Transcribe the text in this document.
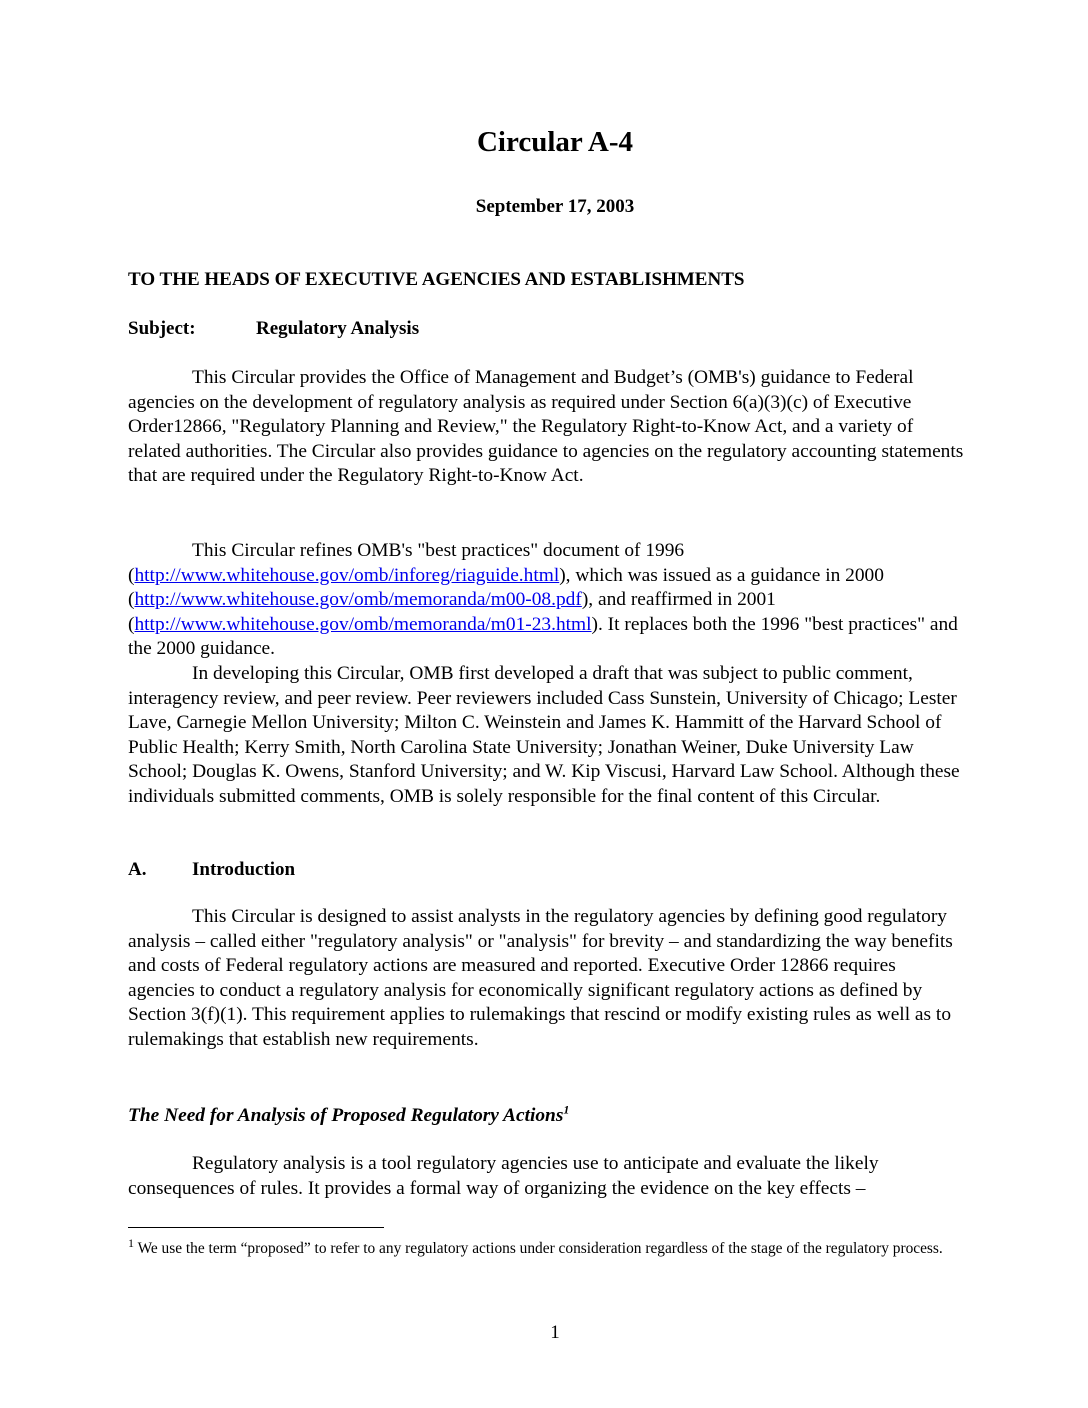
Circular A-4

September 17, 2003

TO THE HEADS OF EXECUTIVE AGENCIES AND ESTABLISHMENTS

Subject:	Regulatory Analysis

This Circular provides the Office of Management and Budget’s (OMB's) guidance to Federal agencies on the development of regulatory analysis as required under Section 6(a)(3)(c) of Executive Order12866, "Regulatory Planning and Review," the Regulatory Right-to-Know Act, and a variety of related authorities. The Circular also provides guidance to agencies on the regulatory accounting statements that are required under the Regulatory Right-to-Know Act.

This Circular refines OMB's "best practices" document of 1996 (http://www.whitehouse.gov/omb/inforeg/riaguide.html), which was issued as a guidance in 2000 (http://www.whitehouse.gov/omb/memoranda/m00-08.pdf), and reaffirmed in 2001 (http://www.whitehouse.gov/omb/memoranda/m01-23.html). It replaces both the 1996 "best practices" and the 2000 guidance.

In developing this Circular, OMB first developed a draft that was subject to public comment, interagency review, and peer review. Peer reviewers included Cass Sunstein, University of Chicago; Lester Lave, Carnegie Mellon University; Milton C. Weinstein and James K. Hammitt of the Harvard School of Public Health; Kerry Smith, North Carolina State University; Jonathan Weiner, Duke University Law School; Douglas K. Owens, Stanford University; and W. Kip Viscusi, Harvard Law School. Although these individuals submitted comments, OMB is solely responsible for the final content of this Circular.

A. Introduction

This Circular is designed to assist analysts in the regulatory agencies by defining good regulatory analysis – called either "regulatory analysis" or "analysis" for brevity – and standardizing the way benefits and costs of Federal regulatory actions are measured and reported. Executive Order 12866 requires agencies to conduct a regulatory analysis for economically significant regulatory actions as defined by Section 3(f)(1). This requirement applies to rulemakings that rescind or modify existing rules as well as to rulemakings that establish new requirements.

The Need for Analysis of Proposed Regulatory Actions$^1$

Regulatory analysis is a tool regulatory agencies use to anticipate and evaluate the likely consequences of rules. It provides a formal way of organizing the evidence on the key effects –

$^1$ We use the term “proposed” to refer to any regulatory actions under consideration regardless of the stage of the regulatory process.

1
